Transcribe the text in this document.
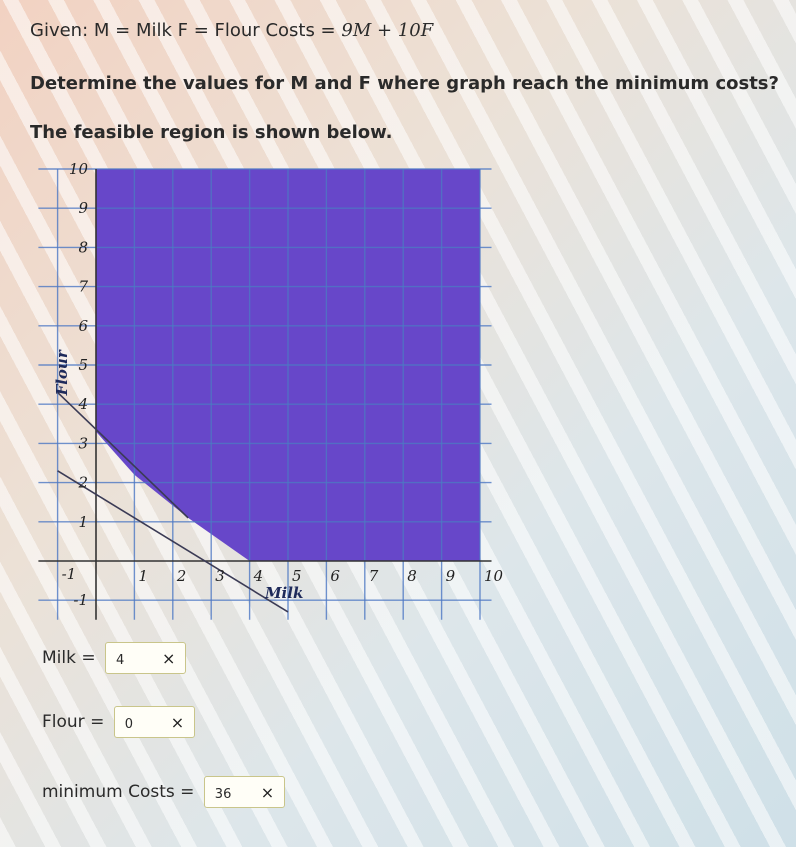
Given: M = Milk F = Flour Costs = 9M + 10F
Determine the values for M and F where graph reach the minimum costs?
The feasible region is shown below.
-1	1 2 3 4 5 6 7 8 9 10
-1
1
2
3
4
5
6
7
8
9
10
Milk
Flour
Milk = 4 ×
Flour = 0 ×
minimum Costs = 36 ×
